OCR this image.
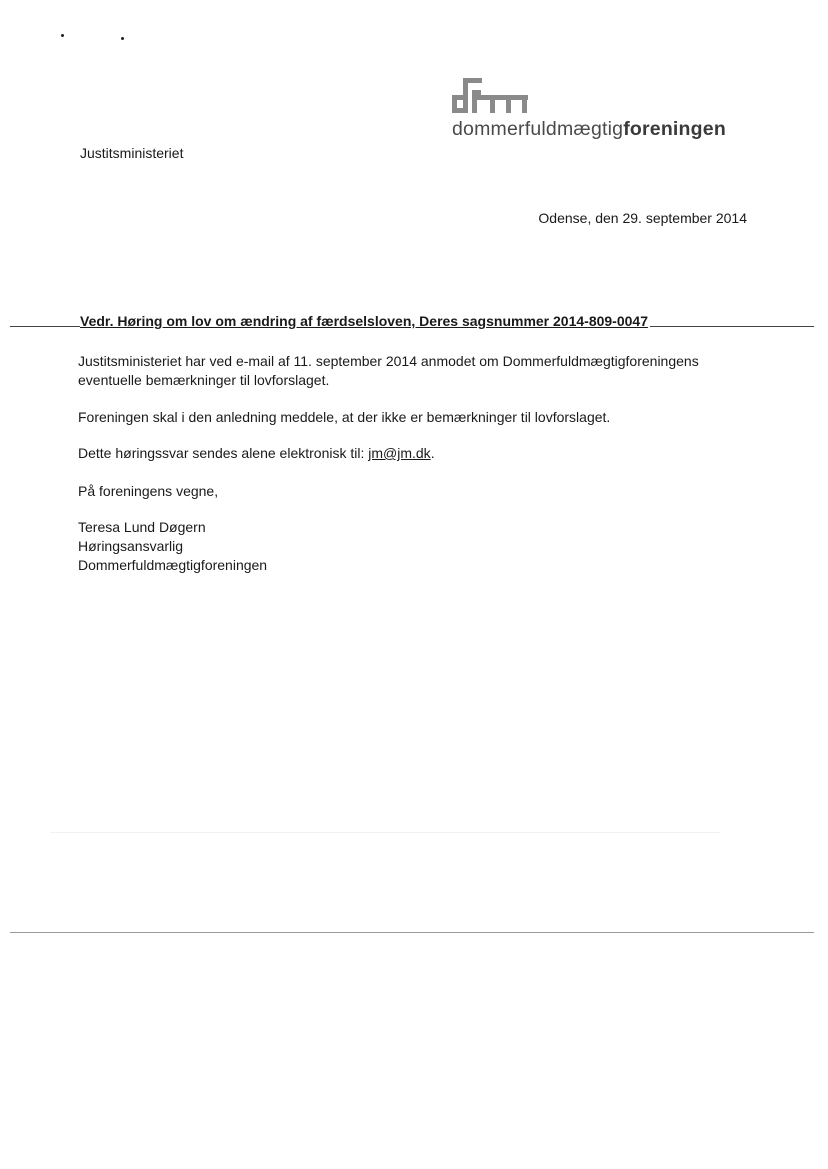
dommerfuldmægtigforeningen
Justitsministeriet
Odense, den 29. september 2014
Vedr. Høring om lov om ændring af færdselsloven, Deres sagsnummer 2014-809-0047
Justitsministeriet har ved e-mail af 11. september 2014 anmodet om Dommerfuldmægtigforeningens eventuelle bemærkninger til lovforslaget.
Foreningen skal i den anledning meddele, at der ikke er bemærkninger til lovforslaget.
Dette høringssvar sendes alene elektronisk til: jm@jm.dk.
På foreningens vegne,
Teresa Lund Døgern
Høringsansvarlig
Dommerfuldmægtigforeningen
